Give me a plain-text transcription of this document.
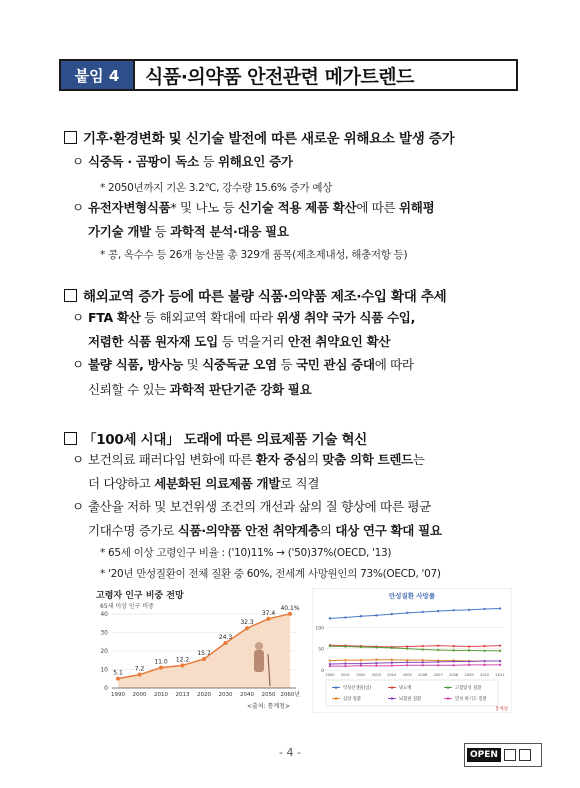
붙임 4	식품·의약품 안전관련 메가트렌드
기후·환경변화 및 신기술 발전에 따른 새로운 위해요소 발생 증가
ㅇ 식중독 · 곰팡이 독소 등 위해요인 증가
* 2050년까지 기온 3.2℃, 강수량 15.6% 증가 예상
ㅇ 유전자변형식품* 및 나노 등 신기술 적용 제품 확산에 따른 위해평
가기술 개발 등 과학적 분석·대응 필요
* 콩, 옥수수 등 26개 농산물 총 329개 품목(제초제내성, 해충저항 등)
해외교역 증가 등에 따른 불량 식품·의약품 제조·수입 확대 추세
ㅇ FTA 확산 등 해외교역 확대에 따라 위생 취약 국가 식품 수입,
저렴한 식품 원자재 도입 등 먹을거리 안전 취약요인 확산
ㅇ 불량 식품, 방사능 및 식중독균 오염 등 국민 관심 증대에 따라
신뢰할 수 있는 과학적 판단기준 강화 필요
「100세 시대」 도래에 따른 의료제품 기술 혁신
ㅇ 보건의료 패러다임 변화에 따른 환자 중심의 맞춤 의학 트렌드는
더 다양하고 세분화된 의료제품 개발로 직결
ㅇ 출산율 저하 및 보건위생 조건의 개선과 삶의 질 향상에 따른 평균
기대수명 증가로 식품·의약품 안전 취약계층의 대상 연구 확대 필요
* 65세 이상 고령인구 비율 : ('10)11% → ('50)37%(OECD, '13)
* '20년 만성질환이 전체 질환 중 60%, 전세계 사망원인의 73%(OECD, '07)
고령자 인구 비중 전망
65세 이상 인구 비중
0
10
20
30
40
5.1
1990
7.2
2000
11.0
2010
12.2
2013
15.7
2020
24.3
2030
32.3
2040
37.4
2050
40.1%
2060년
<출처: 통계청>
만성질환 사망률
0
50
100
2000 2001 2002 2003 2004 2005 2006 2007 2008 2009 2010 2011
악성신생물(암)	당뇨병	고혈압성 질환
심장 질환	뇌혈관 질환	만성 하기도 질환
통계청
- 4 -	OPEN
